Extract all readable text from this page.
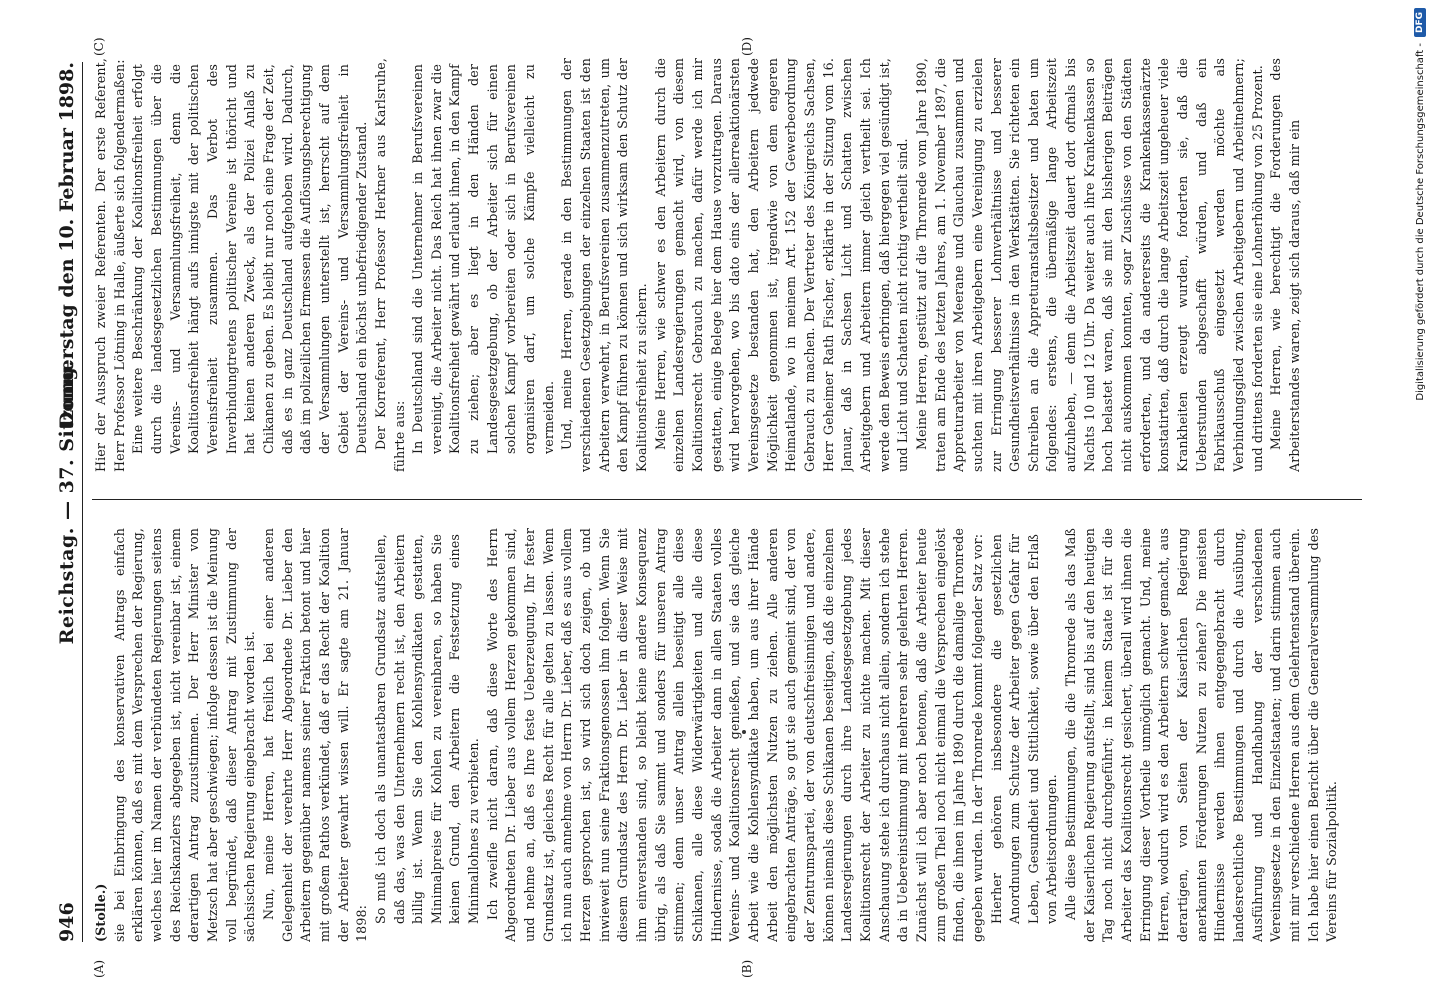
946
Reichstag. — 37. Sitzung.
Donnerstag den 10. Februar 1898.
(A)	(B)
(C)	(D)

(Stolle.) sie bei Einbringung des konservativen Antrags einfach erklären können, daß es mit dem Versprechen der Regierung, welches hier im Namen der verbündeten Regierungen seitens des Reichskanzlers abgegeben ist, nicht vereinbar ist, einem derartigen Antrag zuzustimmen. Der Herr Minister von Metzsch hat aber geschwiegen; infolge dessen ist die Meinung voll begründet, daß dieser Antrag mit Zustimmung der sächsischen Regierung eingebracht worden ist. Nun, meine Herren, hat freilich bei einer anderen Gelegenheit der verehrte Herr Abgeordnete Dr. Lieber den Arbeitern gegenüber namens seiner Fraktion betont und hier mit großem Pathos verkündet, daß er das Recht der Koalition der Arbeiter gewahrt wissen will. Er sagte am 21. Januar 1898: So muß ich doch als unantastbaren Grundsatz aufstellen, daß das, was den Unternehmern recht ist, den Arbeitern billig ist. Wenn Sie den Kohlensyndikaten gestatten, Minimalpreise für Kohlen zu vereinbaren, so haben Sie keinen Grund, den Arbeitern die Festsetzung eines Minimallohnes zu verbieten. Ich zweifle nicht daran, daß diese Worte des Herrn Abgeordneten Dr. Lieber aus vollem Herzen gekommen sind, und nehme an, daß es Ihre feste Ueberzeugung, Ihr fester Grundsatz ist, gleiches Recht für alle gelten zu lassen. Wenn ich nun auch annehme von Herrn Dr. Lieber, daß es aus vollem Herzen gesprochen ist, so wird sich doch zeigen, ob und inwieweit nun seine Fraktionsgenossen ihm folgen. Wenn Sie diesem Grundsatz des Herrn Dr. Lieber in dieser Weise mit ihm einverstanden sind, so bleibt keine andere Konsequenz übrig, als daß Sie sammt und sonders für unseren Antrag stimmen; denn unser Antrag allein beseitigt alle diese Schikanen, alle diese Widerwärtigkeiten und alle diese Hindernisse, sodaß die Arbeiter dann in allen Staaten volles Vereins- und Koalitionsrecht genießen, und sie das gleiche Arbeit wie die Kohlensyndikate haben, um aus ihrer Hände Arbeit den möglichsten Nutzen zu ziehen. Alle anderen eingebrachten Anträge, so gut sie auch gemeint sind, der von der Zentrumspartei, der von deutschfreisinnigen und andere, können niemals diese Schikanen beseitigen, daß die einzelnen Landesregierungen durch ihre Landesgesetzgebung jedes Koalitionsrecht der Arbeiter zu nichte machen. Mit dieser Anschauung stehe ich durchaus nicht allein, sondern ich stehe da in Uebereinstimmung mit mehreren sehr gelehrten Herren. Zunächst will ich aber noch betonen, daß die Arbeiter heute zum großen Theil noch nicht einmal die Versprechen eingelöst finden, die ihnen im Jahre 1890 durch die damalige Thronrede gegeben wurden. In der Thronrede kommt folgender Satz vor: Hierher gehören insbesondere die gesetzlichen Anordnungen zum Schutze der Arbeiter gegen Gefahr für Leben, Gesundheit und Sittlichkeit, sowie über den Erlaß von Arbeitsordnungen. Alle diese Bestimmungen, die die Thronrede als das Maß der Kaiserlichen Regierung aufstellt, sind bis auf den heutigen Tag noch nicht durchgeführt; in keinem Staate ist für die Arbeiter das Koalitionsrecht gesichert, überall wird ihnen die Erringung dieser Vortheile unmöglich gemacht. Und, meine Herren, wodurch wird es den Arbeitern schwer gemacht, aus derartigen, von Seiten der Kaiserlichen Regierung anerkannten Förderungen Nutzen zu ziehen? Die meisten Hindernisse werden ihnen entgegengebracht durch landesrechtliche Bestimmungen und durch die Ausübung, Ausführung und Handhabung der verschiedenen Vereinsgesetze in den Einzelstaaten; und darin stimmen auch mit mir verschiedene Herren aus dem Gelehrtenstand überein. Ich habe hier einen Bericht über die Generalversammlung des Vereins für Sozialpolitik.

Hier der Ausspruch zweier Referenten. Der erste Referent, Herr Professor Lötning in Halle, äußerte sich folgendermaßen: Eine weitere Beschränkung der Koalitionsfreiheit erfolgt durch die landesgesetzlichen Bestimmungen über die Vereins- und Versammlungsfreiheit, denn die Koalitionsfreiheit hängt aufs innigste mit der politischen Vereinsfreiheit zusammen. Das Verbot des Inverbindungtretens politischer Vereine ist thöricht und hat keinen anderen Zweck, als der Polizei Anlaß zu Chikanen zu geben. Es bleibt nur noch eine Frage der Zeit, daß es in ganz Deutschland aufgehoben wird. Dadurch, daß im polizeilichen Ermessen die Auflösungsberechtigung der Versammlungen unterstellt ist, herrscht auf dem Gebiet der Vereins- und Versammlungsfreiheit in Deutschland ein höchst unbefriedigender Zustand. Der Korreferent, Herr Professor Herkner aus Karlsruhe, führte aus: In Deutschland sind die Unternehmer in Berufsvereinen vereinigt, die Arbeiter nicht. Das Reich hat ihnen zwar die Koalitionsfreiheit gewährt und erlaubt ihnen, in den Kampf zu ziehen; aber es liegt in den Händen der Landesgesetzgebung, ob der Arbeiter sich für einen solchen Kampf vorbereiten oder sich in Berufsvereinen organisiren darf, um solche Kämpfe vielleicht zu vermeiden. Und, meine Herren, gerade in den Bestimmungen der verschiedenen Gesetzgebungen der einzelnen Staaten ist den Arbeitern verwehrt, in Berufsvereinen zusammenzutreten, um den Kampf führen zu können und sich wirksam den Schutz der Koalitionsfreiheit zu sichern. Meine Herren, wie schwer es den Arbeitern durch die einzelnen Landesregierungen gemacht wird, von diesem Koalitionsrecht Gebrauch zu machen, dafür werde ich mir gestatten, einige Belege hier dem Hause vorzutragen. Daraus wird hervorgehen, wo bis dato eins der allerreaktionärsten Vereinsgesetze bestanden hat, den Arbeitern jedwede Möglichkeit genommen ist, irgendwie von dem engeren Heimatlande, wo in meinem Art. 152 der Gewerbeordnung Gebrauch zu machen. Der Vertreter des Königreichs Sachsen, Herr Geheimer Rath Fischer, erklärte in der Sitzung vom 16. Januar, daß in Sachsen Licht und Schatten zwischen Arbeitgebern und Arbeitern immer gleich vertheilt sei. Ich werde den Beweis erbringen, daß hiergegen viel gesündigt ist, und Licht und Schatten nicht richtig vertheilt sind. Meine Herren, gestützt auf die Thronrede vom Jahre 1890, traten am Ende des letzten Jahres, am 1. November 1897, die Appreturarbeiter von Meerane und Glauchau zusammen und suchten mit ihren Arbeitgebern eine Vereinigung zu erzielen zur Erringung besserer Lohnverhältnisse und besserer Gesundheitsverhältnisse in den Werkstätten. Sie richteten ein Schreiben an die Appreturanstaltsbesitzer und baten um folgendes: erstens, die übermäßige lange Arbeitszeit aufzuheben, — denn die Arbeitszeit dauert dort oftmals bis Nachts 10 und 12 Uhr. Da weiter auch ihre Krankenkassen so hoch belastet waren, daß sie mit den bisherigen Beiträgen nicht auskommen konnten, sogar Zuschüsse von den Städten erforderten, und da andererseits die Krankenkassenärzte konstatirten, daß durch die lange Arbeitszeit ungeheuer viele Krankheiten erzeugt wurden, forderten sie, daß die Ueberstunden abgeschafft würden, und daß ein Fabrikausschuß eingesetzt werden möchte als Verbindungsglied zwischen Arbeitgebern und Arbeitnehmern; und drittens forderten sie eine Lohnerhöhung von 25 Prozent. Meine Herren, wie berechtigt die Forderungen des Arbeiterstandes waren, zeigt sich daraus, daß mir ein	Digitalisierung gefördert durch die Deutsche Forschungsgemeinschaft -
DFG
